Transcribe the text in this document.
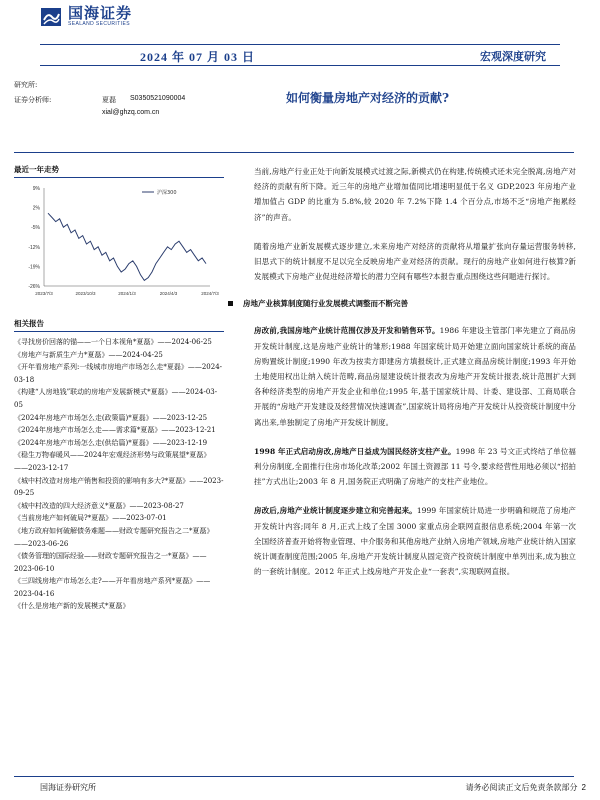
国海证券
SEALAND SECURITIES
2024 年 07 月 03 日	宏观深度研究
研究所:
证券分析师:	夏磊 S0350521090004
xial@ghzq.com.cn
如何衡量房地产对经济的贡献?
最近一年走势
9%
2%
-5%
-12%
-19%
-26%
2023/7/3	2023/10/3	2024/1/3	2024/4/3	2024/7/3
沪深300
相关报告
《寻找房价回落的锚——一个日本视角*夏磊》——2024-06-25
《房地产与新质生产力*夏磊》——2024-04-25
《开年看房地产系列:一线城市房地产市场怎么走*夏磊》——2024-03-18
《构建“人房地钱”联动的房地产发展新模式*夏磊》——2024-03-05
《2024年房地产市场怎么走(政策篇)*夏磊》——2023-12-25
《2024年房地产市场怎么走——需求篇*夏磊》——2023-12-21
《2024年房地产市场怎么走(供给篇)*夏磊》——2023-12-19
《稳生万物春暖风——2024年宏观经济形势与政策展望*夏磊》——2023-12-17
《城中村改造对房地产销售和投资的影响有多大?*夏磊》——2023-09-25
《城中村改造的四大经济意义*夏磊》——2023-08-27
《当前房地产如何破局?*夏磊》——2023-07-01
《地方政府如何破解债务难题——财政专题研究报告之二*夏磊》——2023-06-26
《债务管理的国际经验——财政专题研究报告之一*夏磊》——2023-06-10
《三四线房地产市场怎么走?——开年看房地产系列*夏磊》——2023-04-16
《什么是房地产新的发展模式*夏磊》

当前,房地产行业正处于向新发展模式过渡之际,新模式仍在构建,传统模式还未完全脱离,房地产对经济的贡献有所下降。近三年的房地产业增加值同比增速明显低于名义 GDP,2023 年房地产业增加值占 GDP 的比重为 5.8%,较 2020 年 7.2%下降 1.4 个百分点,市场不乏“房地产拖累经济”的声音。

随着房地产业新发展模式逐步建立,未来房地产对经济的贡献将从增量扩张向存量运营服务转移,旧思式下的统计制度不足以完全反映房地产业对经济的贡献。现行的房地产业如何进行核算?新发展模式下房地产业促进经济增长的潜力空间有哪些?本报告重点围绕这些问题进行探讨。

房地产业核算制度随行业发展模式调整而不断完善

房改前,我国房地产业统计范围仅涉及开发和销售环节。1986 年建设主管部门率先建立了商品房开发统计制度,这是房地产业统计的雏形;1988 年国家统计局开始建立面向国家统计系统的商品房购置统计制度;1990 年改为按卖方即建房方填报统计,正式建立商品房统计制度;1993 年开始土地使用权出让纳入统计范畴,商品房屋建设统计报表改为房地产开发统计报表,统计范围扩大到各种经济类型的房地产开发企业和单位;1995 年,基于国家统计局、计委、建设部、工商局联合开展的“房地产开发建设及经营情况快速调查”,国家统计局将房地产开发统计从投资统计制度中分离出来,单独制定了房地产开发统计制度。

1998 年正式启动房改,房地产日益成为国民经济支柱产业。1998 年 23 号文正式终结了单位福利分房制度,全面推行住房市场化改革;2002 年国土资源部 11 号令,要求经营性用地必须以“招拍挂”方式出让;2003 年 8 月,国务院正式明确了房地产的支柱产业地位。

房改后,房地产业统计制度逐步建立和完善起来。1999 年国家统计局进一步明确和规范了房地产开发统计内容;同年 8 月,正式上线了全国 3000 家重点房企联网直报信息系统;2004 年第一次全国经济普查开始将物业管理、中介服务和其他房地产业纳入房地产领域,房地产业统计纳入国家统计调查制度范围;2005 年,房地产开发统计制度从固定资产投资统计制度中单列出来,成为独立的一套统计制度。2012 年正式上线房地产开发企业“一套表”,实现联网直报。

国海证券研究所	请务必阅读正文后免责条款部分 2
